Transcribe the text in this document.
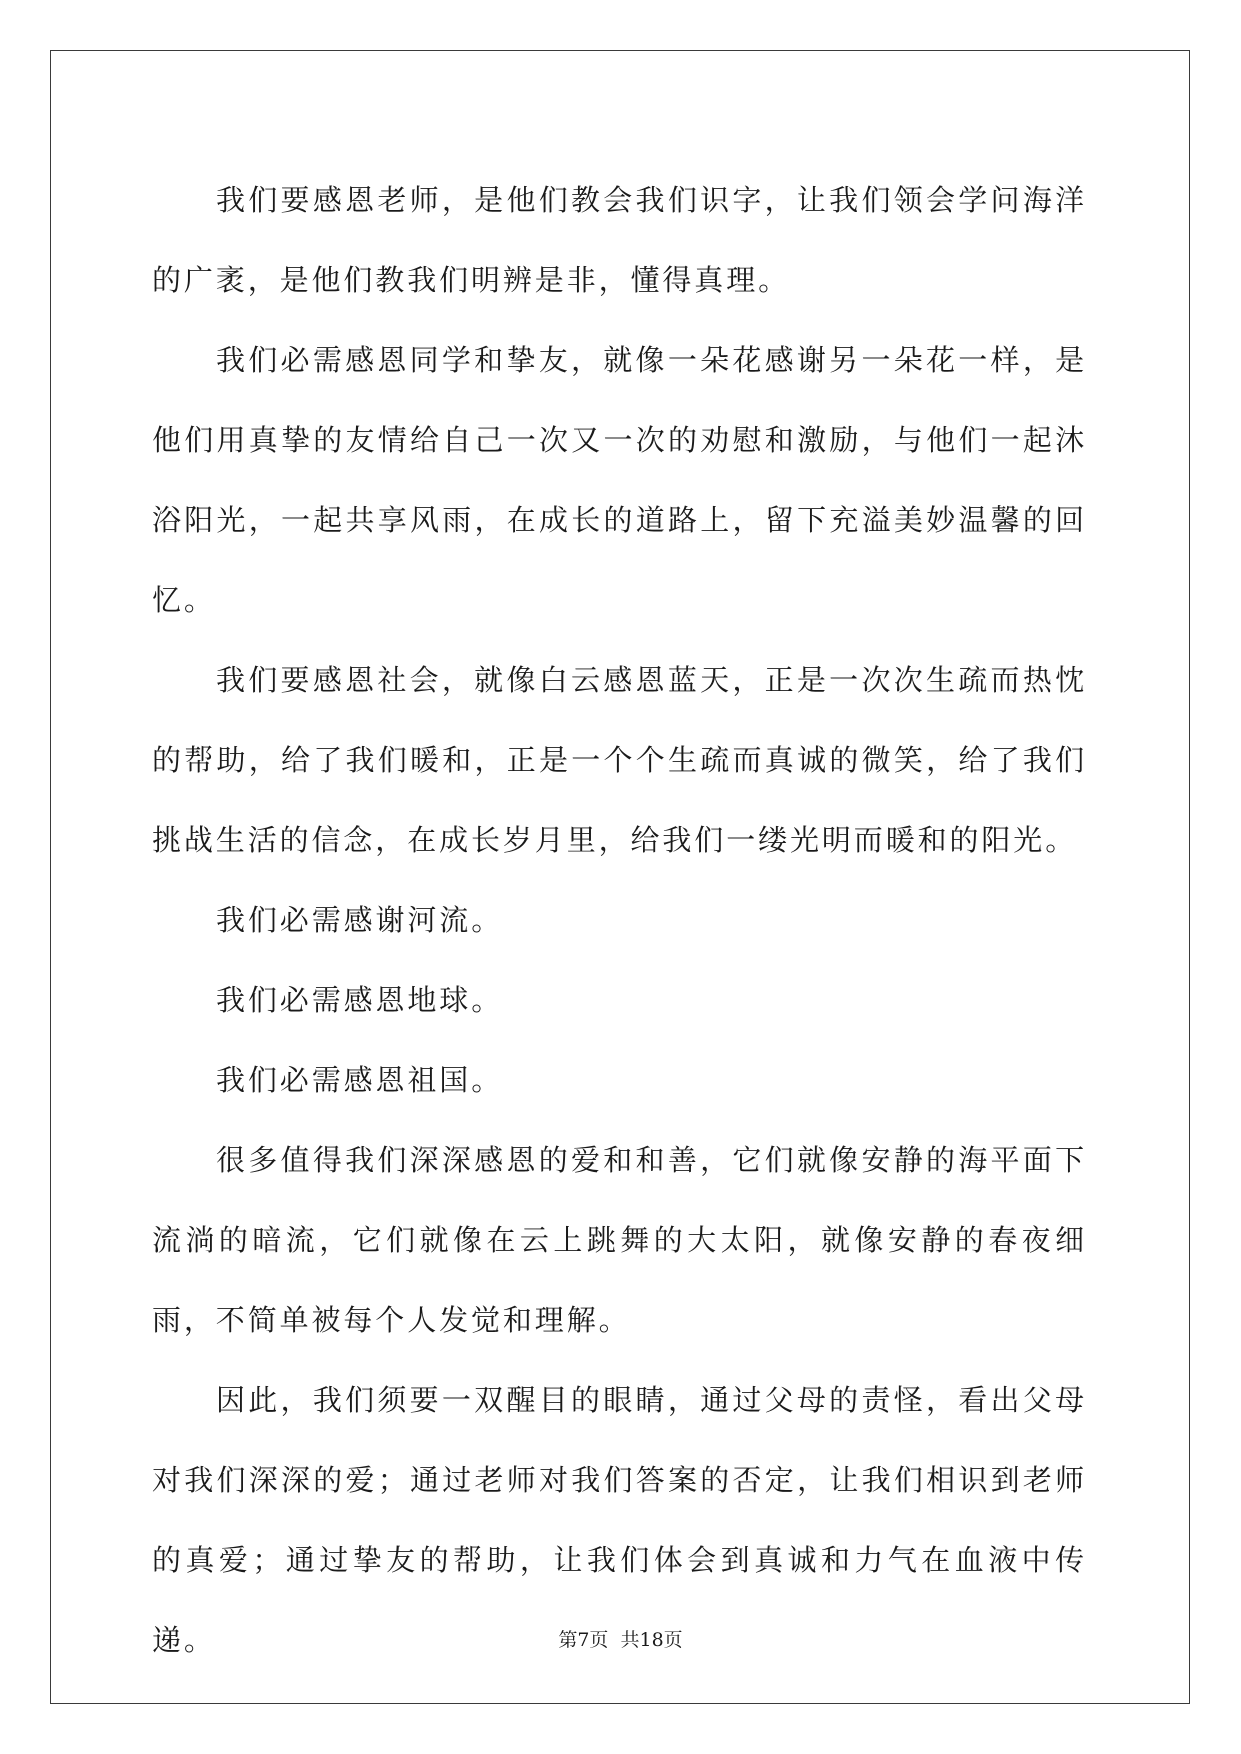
我们要感恩老师，是他们教会我们识字，让我们领会学问海洋的广袤，是他们教我们明辨是非，懂得真理。

我们必需感恩同学和挚友，就像一朵花感谢另一朵花一样，是他们用真挚的友情给自己一次又一次的劝慰和激励，与他们一起沐浴阳光，一起共享风雨，在成长的道路上，留下充溢美妙温馨的回忆。

我们要感恩社会，就像白云感恩蓝天，正是一次次生疏而热忱的帮助，给了我们暖和，正是一个个生疏而真诚的微笑，给了我们挑战生活的信念，在成长岁月里，给我们一缕光明而暖和的阳光。

我们必需感谢河流。

我们必需感恩地球。

我们必需感恩祖国。

很多值得我们深深感恩的爱和和善，它们就像安静的海平面下流淌的暗流，它们就像在云上跳舞的大太阳，就像安静的春夜细雨，不简单被每个人发觉和理解。

因此，我们须要一双醒目的眼睛，通过父母的责怪，看出父母对我们深深的爱；通过老师对我们答案的否定，让我们相识到老师的真爱；通过挚友的帮助，让我们体会到真诚和力气在血液中传递。	第7页  共18页
